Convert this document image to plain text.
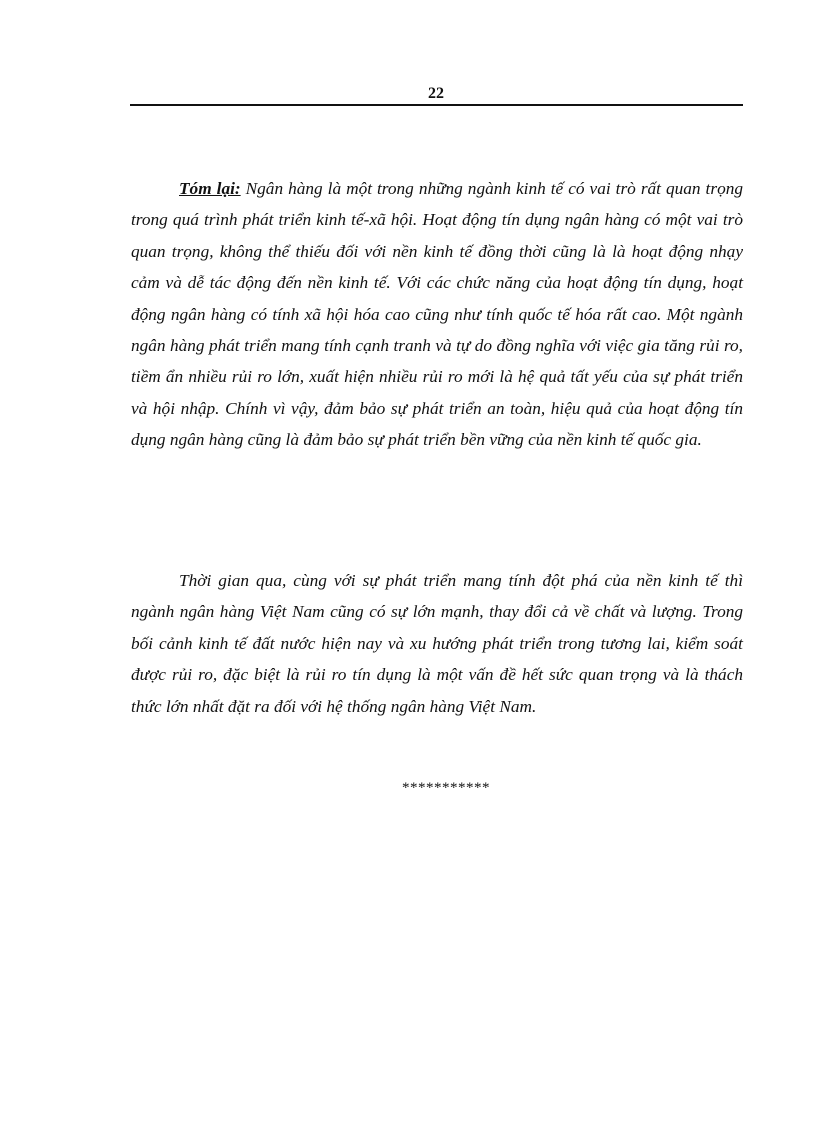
22

Tóm lại: Ngân hàng là một trong những ngành kinh tế có vai trò rất quan trọng trong quá trình phát triển kinh tế-xã hội. Hoạt động tín dụng ngân hàng có một vai trò quan trọng, không thể thiếu đối với nền kinh tế đồng thời cũng là là hoạt động nhạy cảm và dễ tác động đến nền kinh tế. Với các chức năng của hoạt động tín dụng, hoạt động ngân hàng có tính xã hội hóa cao cũng như tính quốc tế hóa rất cao. Một ngành ngân hàng phát triển mang tính cạnh tranh và tự do đồng nghĩa với việc gia tăng rủi ro, tiềm ẩn nhiều rủi ro lớn, xuất hiện nhiều rủi ro mới là hệ quả tất yếu của sự phát triển và hội nhập. Chính vì vậy, đảm bảo sự phát triển an toàn, hiệu quả của hoạt động tín dụng ngân hàng cũng là đảm bảo sự phát triển bền vững của nền kinh tế quốc gia.

Thời gian qua, cùng với sự phát triển mang tính đột phá của nền kinh tế thì ngành ngân hàng Việt Nam cũng có sự lớn mạnh, thay đổi cả về chất và lượng. Trong bối cảnh kinh tế đất nước hiện nay và xu hướng phát triển trong tương lai, kiểm soát được rủi ro, đặc biệt là rủi ro tín dụng là một vấn đề hết sức quan trọng và là thách thức lớn nhất đặt ra đối với hệ thống ngân hàng Việt Nam.

***********
